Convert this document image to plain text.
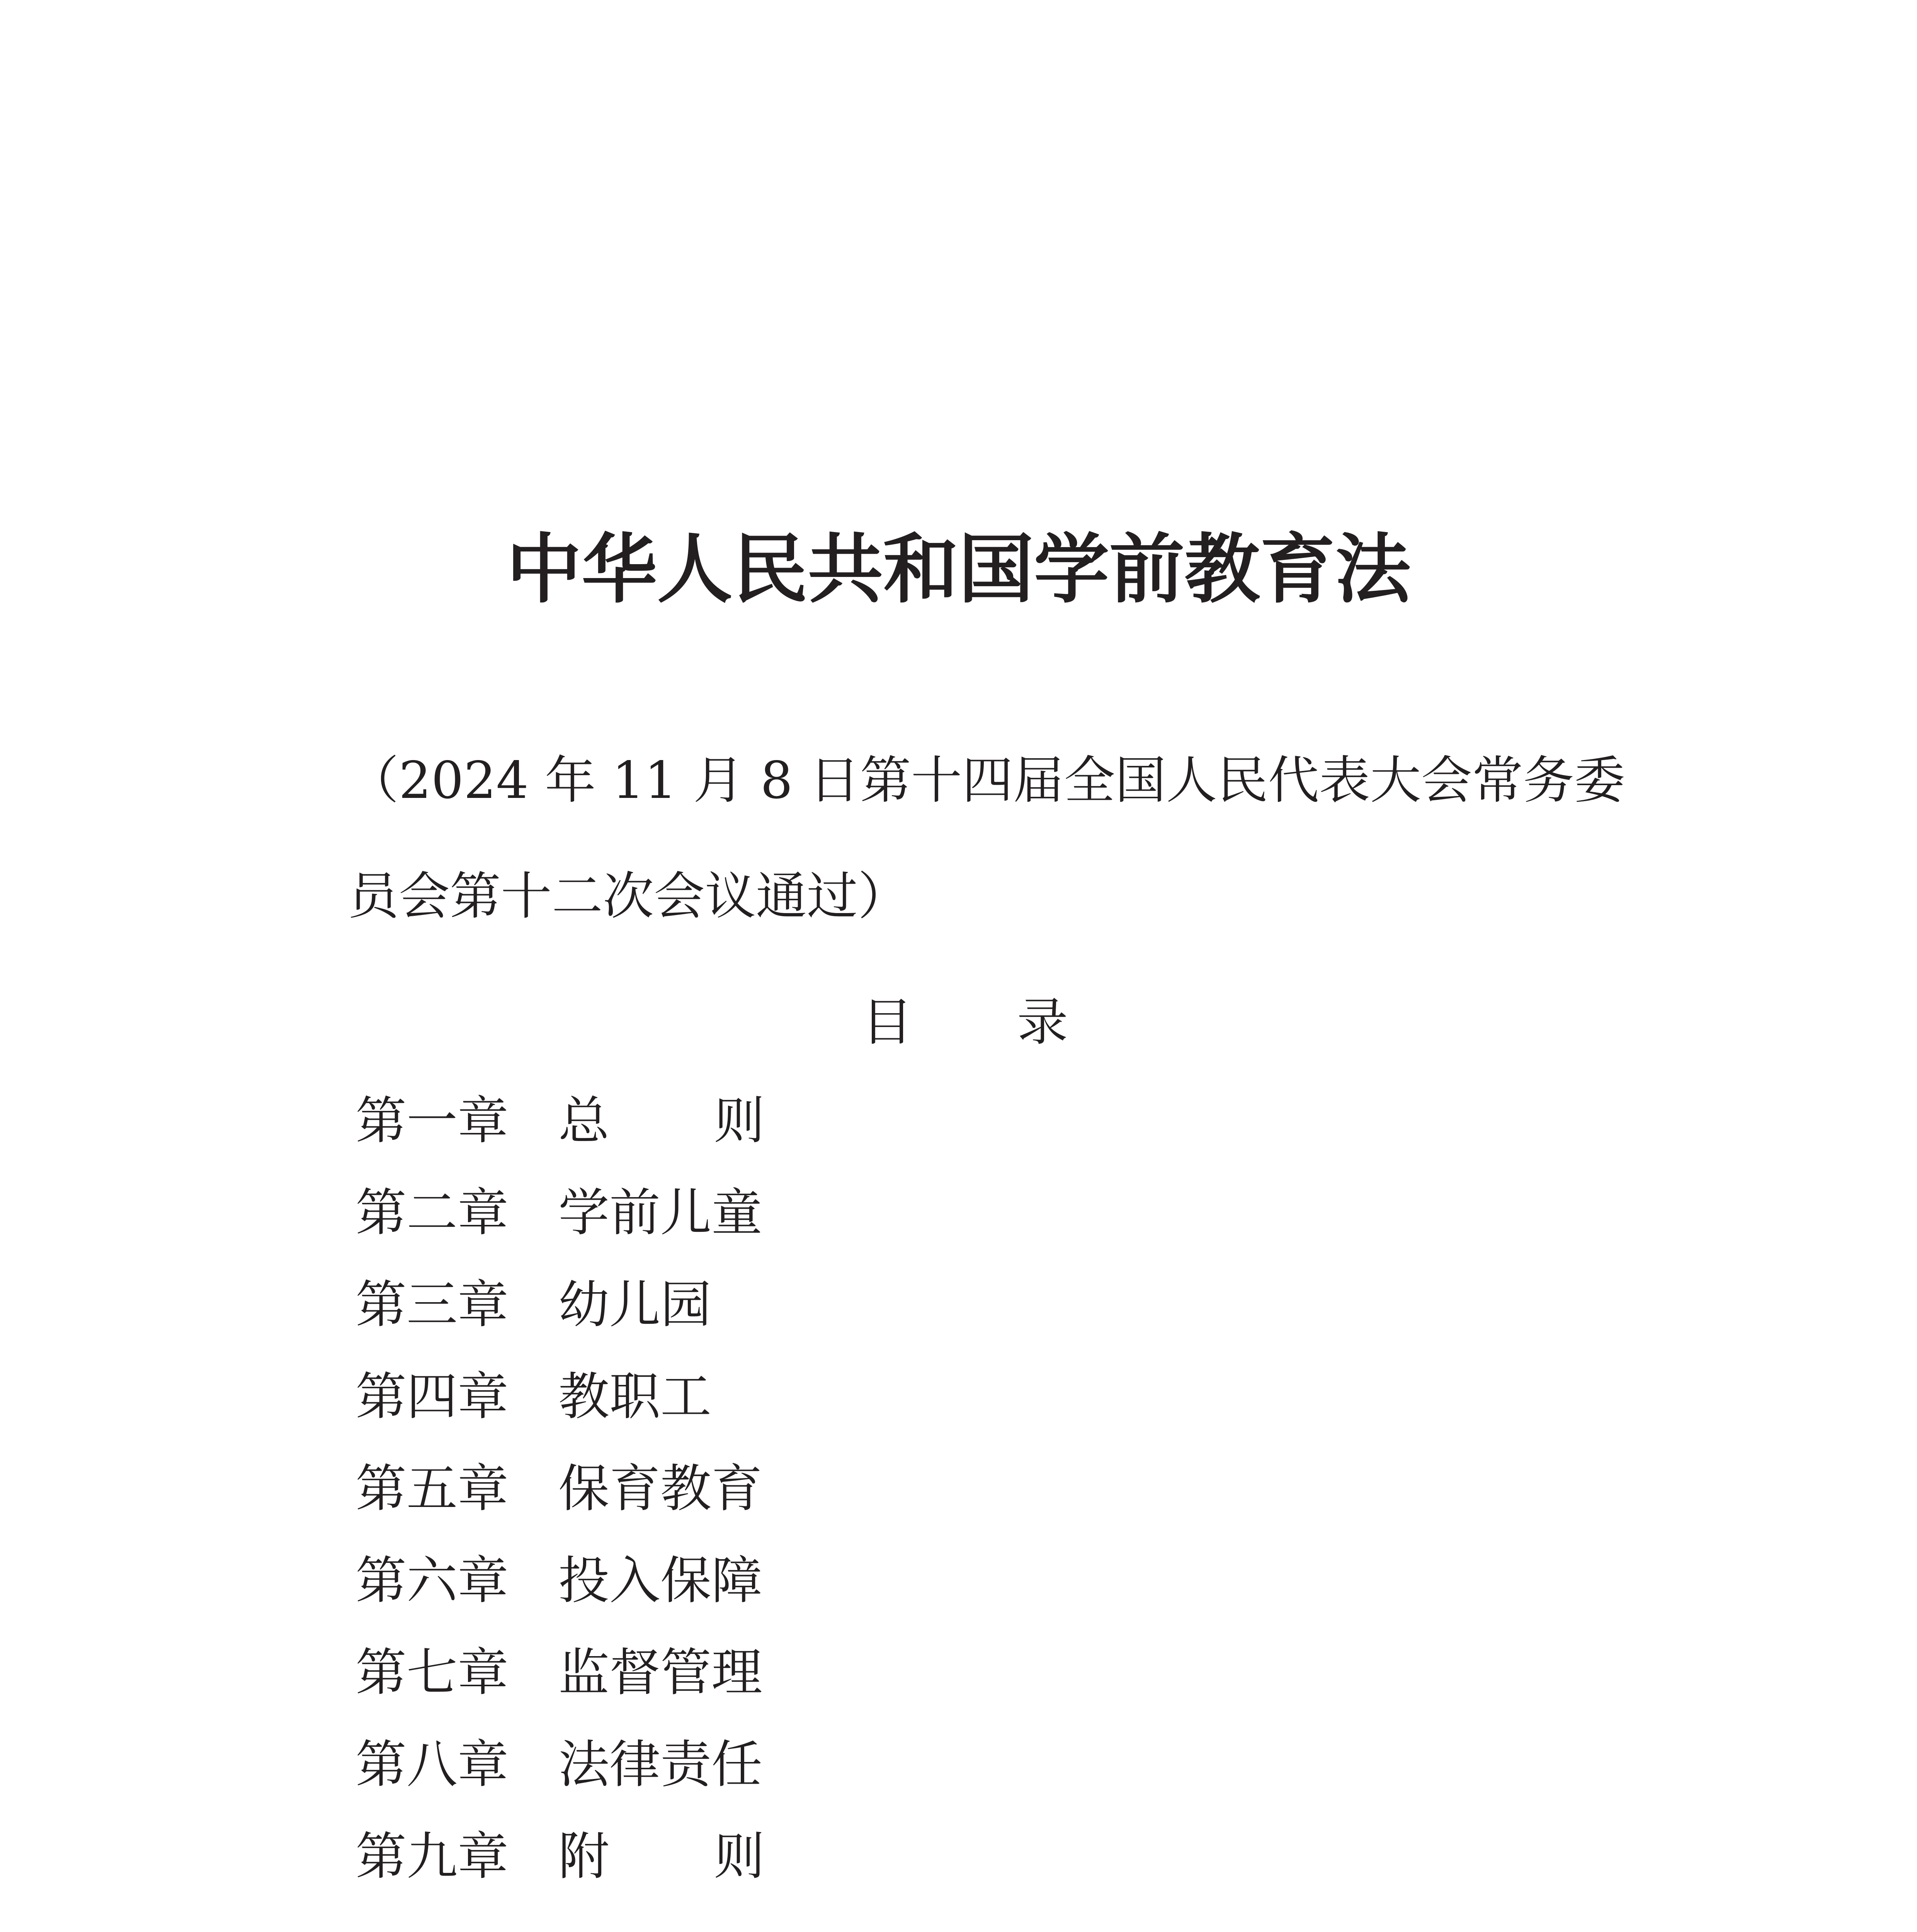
中华人民共和国学前教育法

（2024 年 11 月 8 日第十四届全国人民代表大会常务委
员会第十二次会议通过）

目 录
第一章 总 则
第二章 学前儿童
第三章 幼儿园
第四章 教职工
第五章 保育教育
第六章 投入保障
第七章 监督管理
第八章 法律责任
第九章 附 则
